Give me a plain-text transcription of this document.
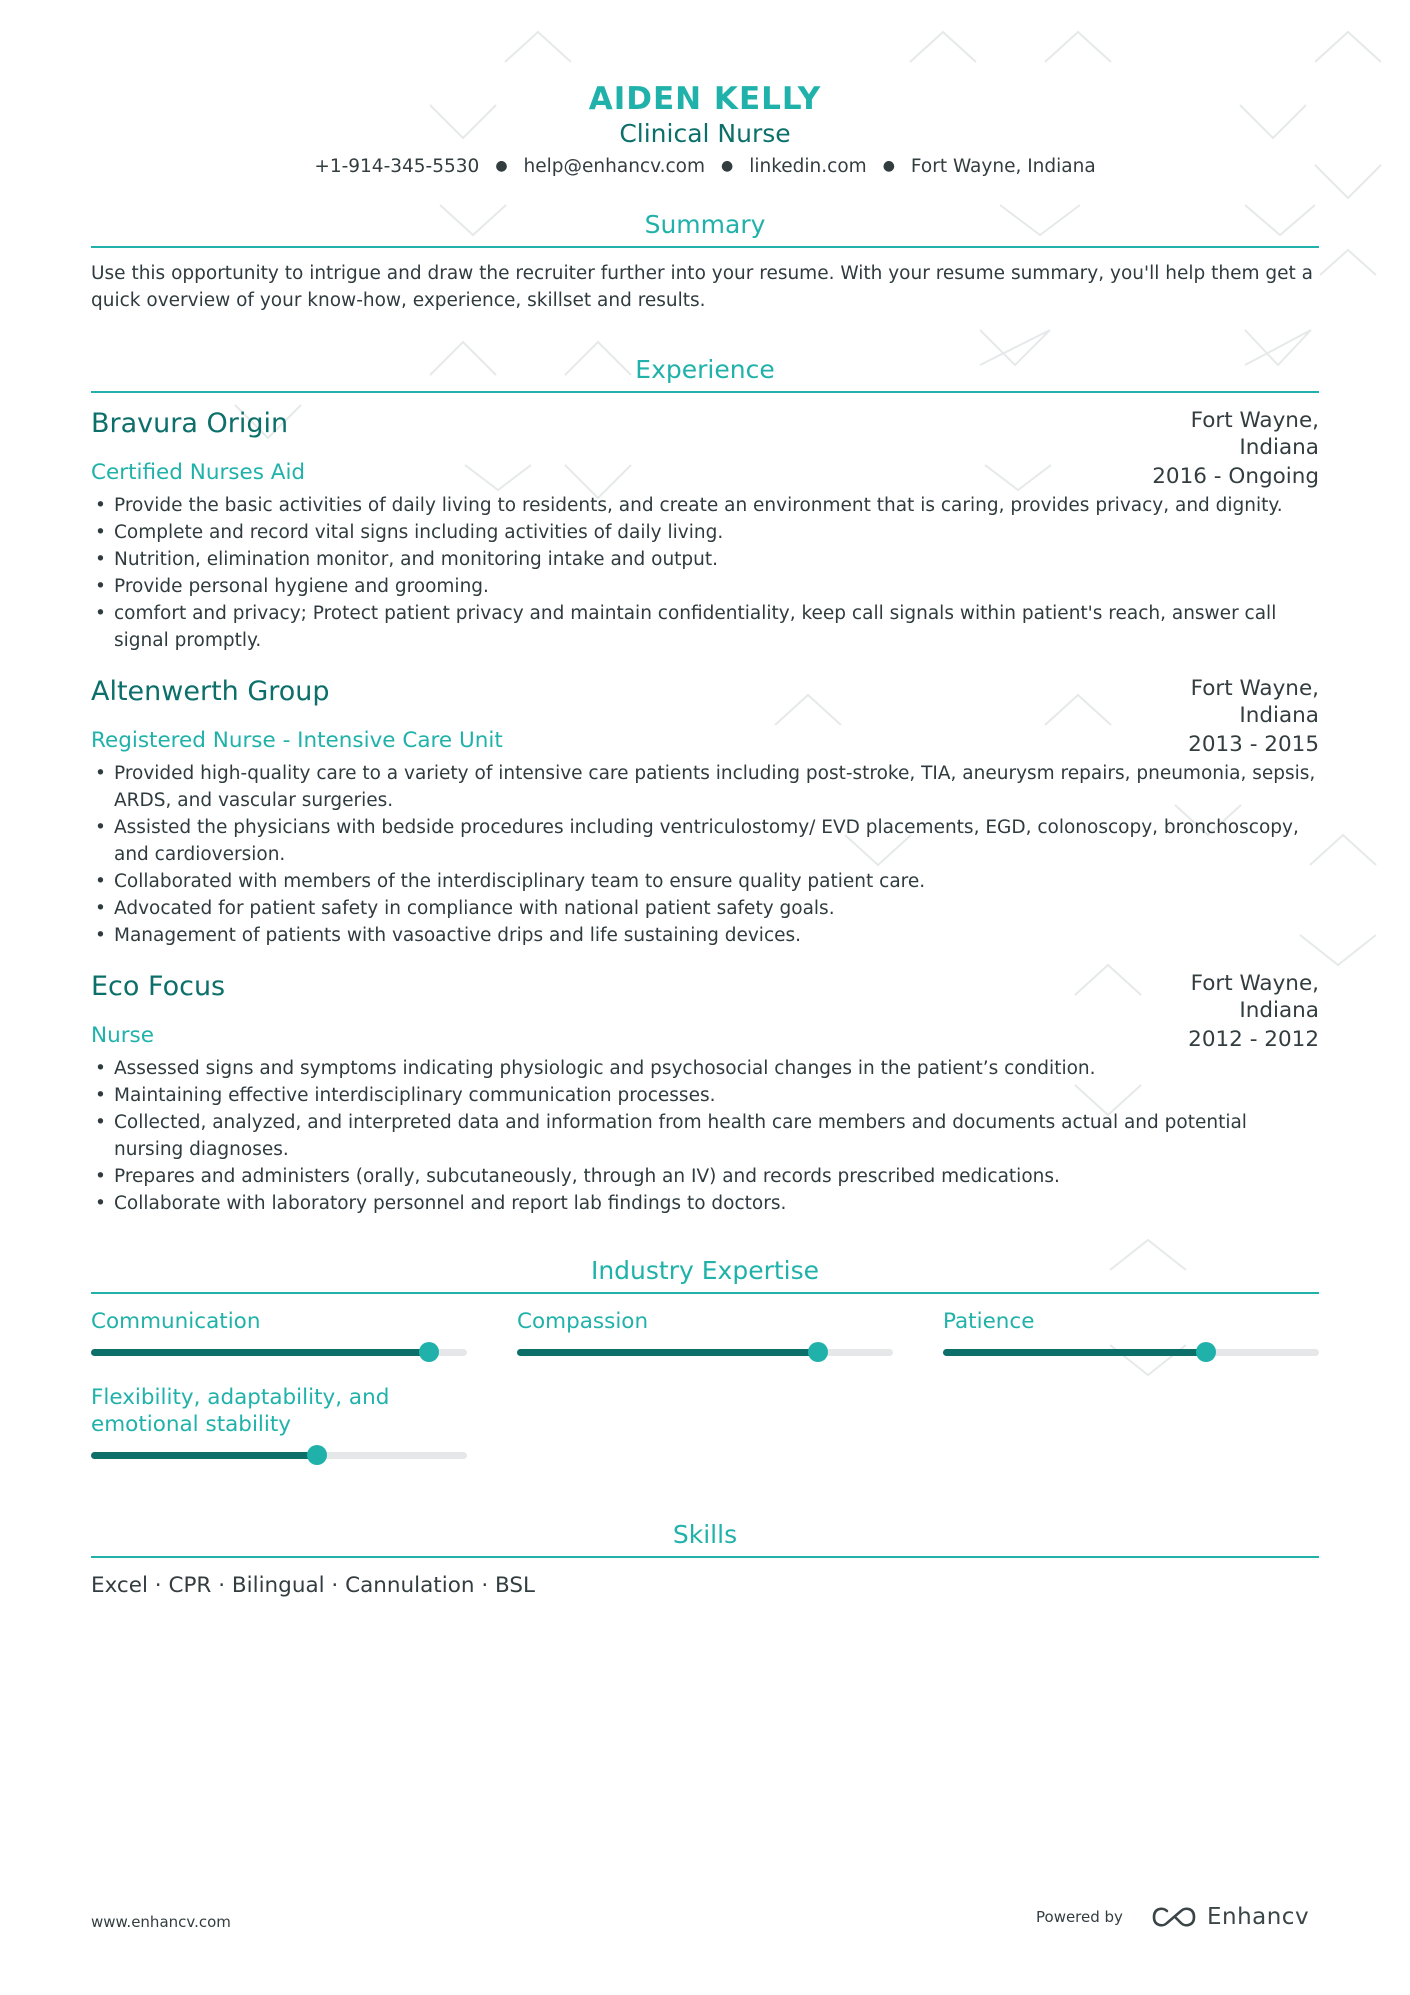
AIDEN KELLY
Clinical Nurse
+1-914-345-5530 ● help@enhancv.com ● linkedin.com ● Fort Wayne, Indiana
Summary
Use this opportunity to intrigue and draw the recruiter further into your resume. With your resume summary, you'll help them get a quick overview of your know-how, experience, skillset and results.
Experience
Bravura Origin	Fort Wayne, Indiana
2016 - Ongoing
Certified Nurses Aid
• Provide the basic activities of daily living to residents, and create an environment that is caring, provides privacy, and dignity.
• Complete and record vital signs including activities of daily living.
• Nutrition, elimination monitor, and monitoring intake and output.
• Provide personal hygiene and grooming.
• comfort and privacy; Protect patient privacy and maintain confidentiality, keep call signals within patient's reach, answer call signal promptly.
Altenwerth Group	Fort Wayne, Indiana
2013 - 2015
Registered Nurse - Intensive Care Unit
• Provided high-quality care to a variety of intensive care patients including post-stroke, TIA, aneurysm repairs, pneumonia, sepsis, ARDS, and vascular surgeries.
• Assisted the physicians with bedside procedures including ventriculostomy/ EVD placements, EGD, colonoscopy, bronchoscopy, and cardioversion.
• Collaborated with members of the interdisciplinary team to ensure quality patient care.
• Advocated for patient safety in compliance with national patient safety goals.
• Management of patients with vasoactive drips and life sustaining devices.
Eco Focus	Fort Wayne, Indiana
2012 - 2012
Nurse
• Assessed signs and symptoms indicating physiologic and psychosocial changes in the patient’s condition.
• Maintaining effective interdisciplinary communication processes.
• Collected, analyzed, and interpreted data and information from health care members and documents actual and potential nursing diagnoses.
• Prepares and administers (orally, subcutaneously, through an IV) and records prescribed medications.
• Collaborate with laboratory personnel and report lab findings to doctors.
Industry Expertise
Communication	Compassion	Patience
Flexibility, adaptability, and emotional stability
Skills
Excel · CPR · Bilingual · Cannulation · BSL
www.enhancv.com	Powered by	Enhancv
